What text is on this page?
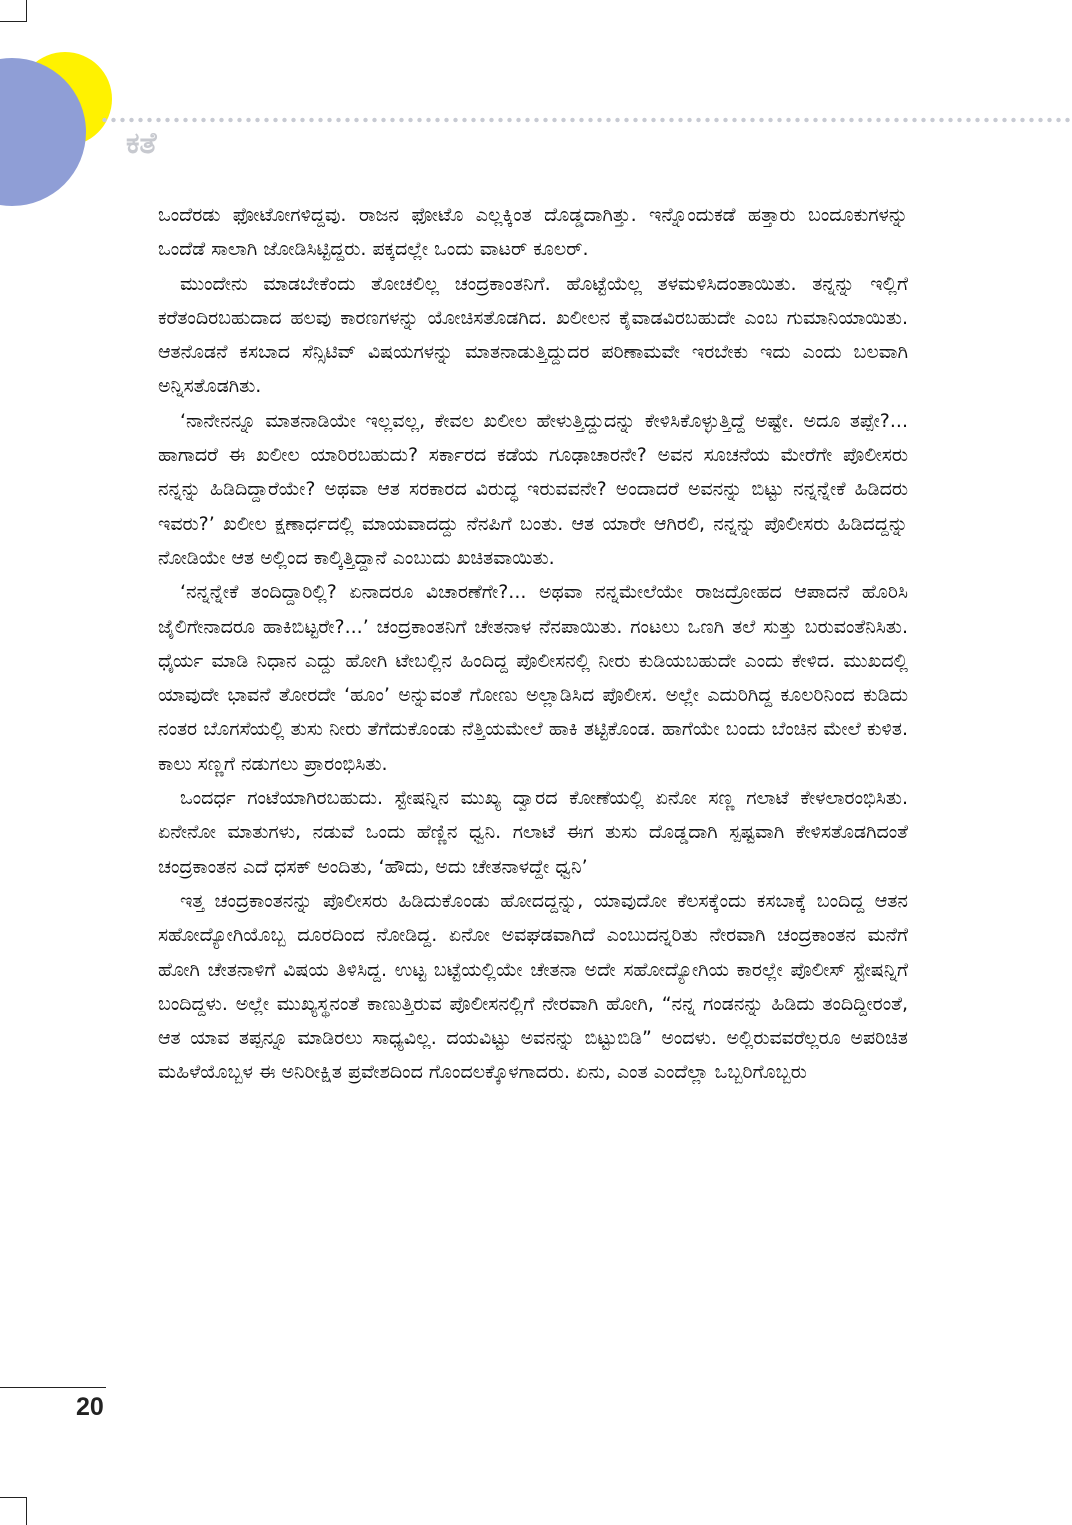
ಕತೆ

ಒಂದೆರಡು ಫೋಟೋಗಳಿದ್ದವು. ರಾಜನ ಫೋಟೊ ಎಲ್ಲಕ್ಕಿಂತ ದೊಡ್ಡದಾಗಿತ್ತು. ಇನ್ನೊಂದುಕಡೆ ಹತ್ತಾರು ಬಂದೂಕುಗಳನ್ನು ಒಂದೆಡೆ ಸಾಲಾಗಿ ಜೋಡಿಸಿಟ್ಟಿದ್ದರು. ಪಕ್ಕದಲ್ಲೇ ಒಂದು ವಾಟರ್ ಕೂಲರ್.

ಮುಂದೇನು ಮಾಡಬೇಕೆಂದು ತೋಚಲಿಲ್ಲ ಚಂದ್ರಕಾಂತನಿಗೆ. ಹೊಟ್ಟೆಯೆಲ್ಲ ತಳಮಳಿಸಿದಂತಾಯಿತು. ತನ್ನನ್ನು ಇಲ್ಲಿಗೆ ಕರೆತಂದಿರಬಹುದಾದ ಹಲವು ಕಾರಣಗಳನ್ನು ಯೋಚಿಸತೊಡಗಿದ. ಖಲೀಲನ ಕೈವಾಡವಿರಬಹುದೇ ಎಂಬ ಗುಮಾನಿಯಾಯಿತು. ಆತನೊಡನೆ ಕಸಬಾದ ಸೆನ್ಸಿಟಿವ್ ವಿಷಯಗಳನ್ನು ಮಾತನಾಡುತ್ತಿದ್ದುದರ ಪರಿಣಾಮವೇ ಇರಬೇಕು ಇದು ಎಂದು ಬಲವಾಗಿ ಅನ್ನಿಸತೊಡಗಿತು.

‘ನಾನೇನನ್ನೂ ಮಾತನಾಡಿಯೇ ಇಲ್ಲವಲ್ಲ, ಕೇವಲ ಖಲೀಲ ಹೇಳುತ್ತಿದ್ದುದನ್ನು ಕೇಳಿಸಿಕೊಳ್ಳುತ್ತಿದ್ದೆ ಅಷ್ಟೇ. ಅದೂ ತಪ್ಪೇ?... ಹಾಗಾದರೆ ಈ ಖಲೀಲ ಯಾರಿರಬಹುದು? ಸರ್ಕಾರದ ಕಡೆಯ ಗೂಢಾಚಾರನೇ? ಅವನ ಸೂಚನೆಯ ಮೇರೆಗೇ ಪೊಲೀಸರು ನನ್ನನ್ನು ಹಿಡಿದಿದ್ದಾರೆಯೇ? ಅಥವಾ ಆತ ಸರಕಾರದ ವಿರುದ್ಧ ಇರುವವನೇ? ಅಂದಾದರೆ ಅವನನ್ನು ಬಿಟ್ಟು ನನ್ನನ್ನೇಕೆ ಹಿಡಿದರು ಇವರು?’ ಖಲೀಲ ಕ್ಷಣಾರ್ಧದಲ್ಲಿ ಮಾಯವಾದದ್ದು ನೆನಪಿಗೆ ಬಂತು. ಆತ ಯಾರೇ ಆಗಿರಲಿ, ನನ್ನನ್ನು ಪೊಲೀಸರು ಹಿಡಿದದ್ದನ್ನು ನೋಡಿಯೇ ಆತ ಅಲ್ಲಿಂದ ಕಾಲ್ಕಿತ್ತಿದ್ದಾನೆ ಎಂಬುದು ಖಚಿತವಾಯಿತು.

‘ನನ್ನನ್ನೇಕೆ ತಂದಿದ್ದಾರಿಲ್ಲಿ? ಏನಾದರೂ ವಿಚಾರಣೆಗೇ?... ಅಥವಾ ನನ್ನಮೇಲೆಯೇ ರಾಜದ್ರೋಹದ ಆಪಾದನೆ ಹೊರಿಸಿ ಜೈಲಿಗೇನಾದರೂ ಹಾಕಿಬಿಟ್ಟರೇ?...’ ಚಂದ್ರಕಾಂತನಿಗೆ ಚೇತನಾಳ ನೆನಪಾಯಿತು. ಗಂಟಲು ಒಣಗಿ ತಲೆ ಸುತ್ತು ಬರುವಂತೆನಿಸಿತು. ಧೈರ್ಯ ಮಾಡಿ ನಿಧಾನ ಎದ್ದು ಹೋಗಿ ಟೇಬಲ್ಲಿನ ಹಿಂದಿದ್ದ ಪೊಲೀಸನಲ್ಲಿ ನೀರು ಕುಡಿಯಬಹುದೇ ಎಂದು ಕೇಳಿದ. ಮುಖದಲ್ಲಿ ಯಾವುದೇ ಭಾವನೆ ತೋರದೇ ‘ಹೂಂ’ ಅನ್ನುವಂತೆ ಗೋಣು ಅಲ್ಲಾಡಿಸಿದ ಪೊಲೀಸ. ಅಲ್ಲೇ ಎದುರಿಗಿದ್ದ ಕೂಲರಿನಿಂದ ಕುಡಿದು ನಂತರ ಬೊಗಸೆಯಲ್ಲಿ ತುಸು ನೀರು ತೆಗೆದುಕೊಂಡು ನೆತ್ತಿಯಮೇಲೆ ಹಾಕಿ ತಟ್ಟಿಕೊಂಡ. ಹಾಗೆಯೇ ಬಂದು ಬೆಂಚಿನ ಮೇಲೆ ಕುಳಿತ. ಕಾಲು ಸಣ್ಣಗೆ ನಡುಗಲು ಪ್ರಾರಂಭಿಸಿತು.

ಒಂದರ್ಧ ಗಂಟೆಯಾಗಿರಬಹುದು. ಸ್ಟೇಷನ್ನಿನ ಮುಖ್ಯ ದ್ವಾರದ ಕೋಣೆಯಲ್ಲಿ ಏನೋ ಸಣ್ಣ ಗಲಾಟೆ ಕೇಳಲಾರಂಭಿಸಿತು. ಏನೇನೋ ಮಾತುಗಳು, ನಡುವೆ ಒಂದು ಹೆಣ್ಣಿನ ಧ್ವನಿ. ಗಲಾಟೆ ಈಗ ತುಸು ದೊಡ್ಡದಾಗಿ ಸ್ಪಷ್ಟವಾಗಿ ಕೇಳಿಸತೊಡಗಿದಂತೆ ಚಂದ್ರಕಾಂತನ ಎದೆ ಧಸಕ್ ಅಂದಿತು, ‘ಹೌದು, ಅದು ಚೇತನಾಳದ್ದೇ ಧ್ವನಿ’

ಇತ್ತ ಚಂದ್ರಕಾಂತನನ್ನು ಪೊಲೀಸರು ಹಿಡಿದುಕೊಂಡು ಹೋದದ್ದನ್ನು, ಯಾವುದೋ ಕೆಲಸಕ್ಕೆಂದು ಕಸಬಾಕ್ಕೆ ಬಂದಿದ್ದ ಆತನ ಸಹೋದ್ಯೋಗಿಯೊಬ್ಬ ದೂರದಿಂದ ನೋಡಿದ್ದ. ಏನೋ ಅವಘಡವಾಗಿದೆ ಎಂಬುದನ್ನರಿತು ನೇರವಾಗಿ ಚಂದ್ರಕಾಂತನ ಮನೆಗೆ ಹೋಗಿ ಚೇತನಾಳಿಗೆ ವಿಷಯ ತಿಳಿಸಿದ್ದ. ಉಟ್ಟ ಬಟ್ಟೆಯಲ್ಲಿಯೇ ಚೇತನಾ ಅದೇ ಸಹೋದ್ಯೋಗಿಯ ಕಾರಲ್ಲೇ ಪೊಲೀಸ್ ಸ್ಟೇಷನ್ನಿಗೆ ಬಂದಿದ್ದಳು. ಅಲ್ಲೇ ಮುಖ್ಯಸ್ಥನಂತೆ ಕಾಣುತ್ತಿರುವ ಪೊಲೀಸನಲ್ಲಿಗೆ ನೇರವಾಗಿ ಹೋಗಿ, “ನನ್ನ ಗಂಡನನ್ನು ಹಿಡಿದು ತಂದಿದ್ದೀರಂತೆ, ಆತ ಯಾವ ತಪ್ಪನ್ನೂ ಮಾಡಿರಲು ಸಾಧ್ಯವಿಲ್ಲ. ದಯವಿಟ್ಟು ಅವನನ್ನು ಬಿಟ್ಟುಬಿಡಿ” ಅಂದಳು. ಅಲ್ಲಿರುವವರೆಲ್ಲರೂ ಅಪರಿಚಿತ ಮಹಿಳೆಯೊಬ್ಬಳ ಈ ಅನಿರೀಕ್ಷಿತ ಪ್ರವೇಶದಿಂದ ಗೊಂದಲಕ್ಕೊಳಗಾದರು. ಏನು, ಎಂತ ಎಂದೆಲ್ಲಾ ಒಬ್ಬರಿಗೊಬ್ಬರು

20
